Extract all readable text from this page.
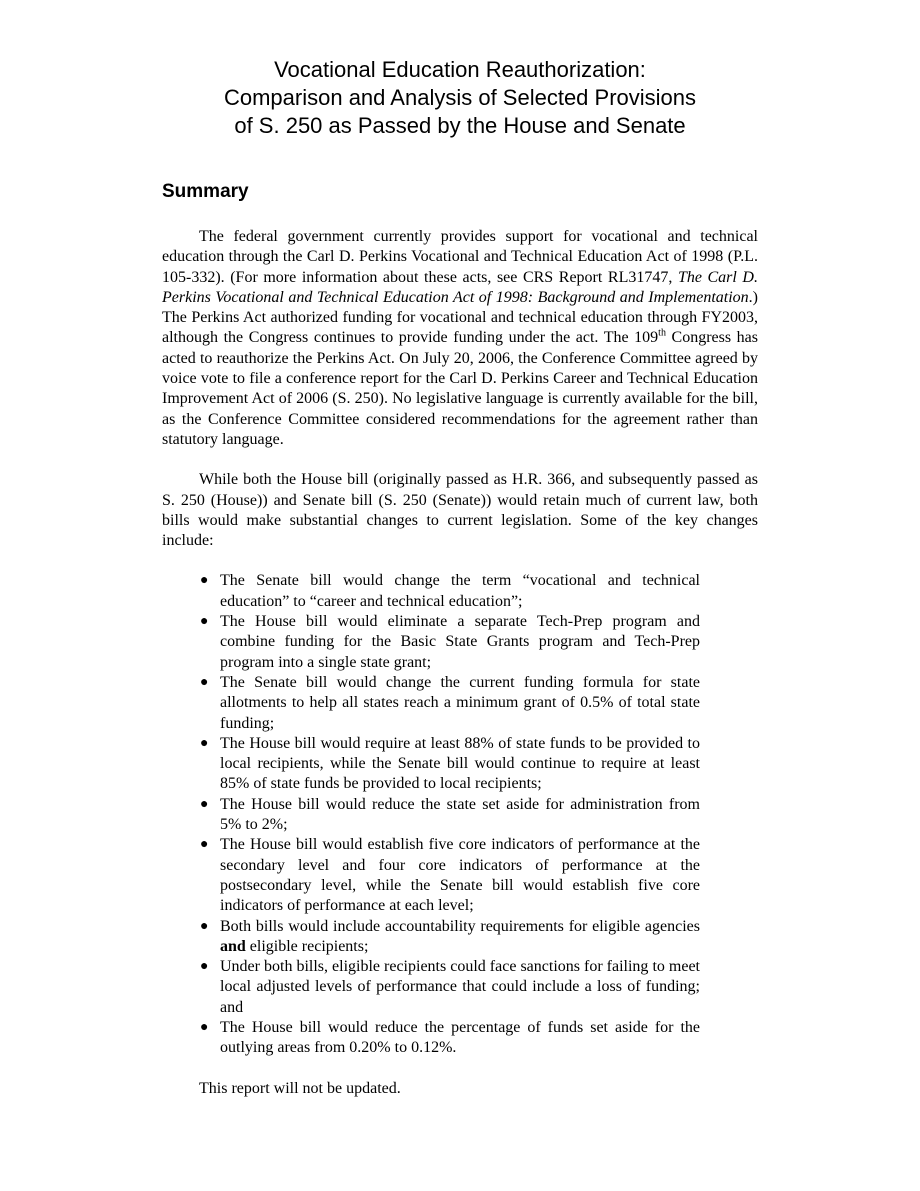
Vocational Education Reauthorization:
Comparison and Analysis of Selected Provisions
of S. 250 as Passed by the House and Senate
Summary

The federal government currently provides support for vocational and technical education through the Carl D. Perkins Vocational and Technical Education Act of 1998 (P.L. 105-332). (For more information about these acts, see CRS Report RL31747, The Carl D. Perkins Vocational and Technical Education Act of 1998: Background and Implementation.) The Perkins Act authorized funding for vocational and technical education through FY2003, although the Congress continues to provide funding under the act. The 109th Congress has acted to reauthorize the Perkins Act. On July 20, 2006, the Conference Committee agreed by voice vote to file a conference report for the Carl D. Perkins Career and Technical Education Improvement Act of 2006 (S. 250). No legislative language is currently available for the bill, as the Conference Committee considered recommendations for the agreement rather than statutory language.

While both the House bill (originally passed as H.R. 366, and subsequently passed as S. 250 (House)) and Senate bill (S. 250 (Senate)) would retain much of current law, both bills would make substantial changes to current legislation. Some of the key changes include:

● The Senate bill would change the term “vocational and technical education” to “career and technical education”;
● The House bill would eliminate a separate Tech-Prep program and combine funding for the Basic State Grants program and Tech-Prep program into a single state grant;
● The Senate bill would change the current funding formula for state allotments to help all states reach a minimum grant of 0.5% of total state funding;
● The House bill would require at least 88% of state funds to be provided to local recipients, while the Senate bill would continue to require at least 85% of state funds be provided to local recipients;
● The House bill would reduce the state set aside for administration from 5% to 2%;
● The House bill would establish five core indicators of performance at the secondary level and four core indicators of performance at the postsecondary level, while the Senate bill would establish five core indicators of performance at each level;
● Both bills would include accountability requirements for eligible agencies and eligible recipients;
● Under both bills, eligible recipients could face sanctions for failing to meet local adjusted levels of performance that could include a loss of funding; and
● The House bill would reduce the percentage of funds set aside for the outlying areas from 0.20% to 0.12%.

This report will not be updated.
